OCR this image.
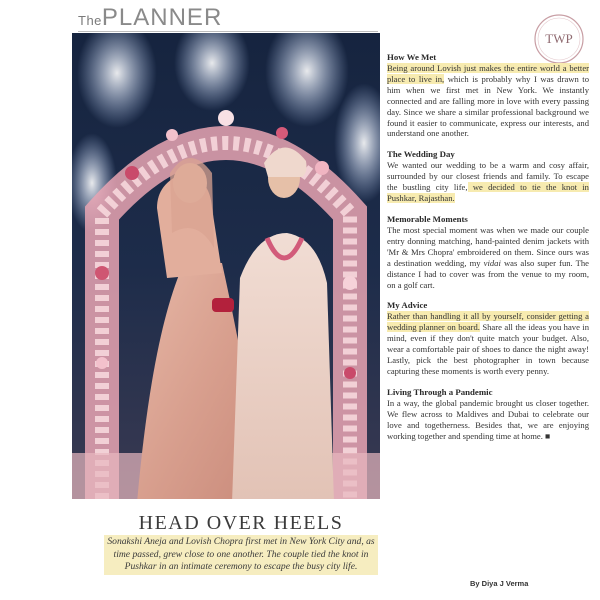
The PLANNER
TWP
HEAD OVER HEELS
Sonakshi Aneja and Lovish Chopra first met in New York City and, as time passed, grew close to one another. The couple tied the knot in Pushkar in an intimate ceremony to escape the busy city life.
How We Met

Being around Lovish just makes the entire world a better place to live in, which is probably why I was drawn to him when we first met in New York. We instantly connected and are falling more in love with every passing day. Since we share a similar professional background we found it easier to communicate, express our interests, and understand one another.

The Wedding Day

We wanted our wedding to be a warm and cosy affair, surrounded by our closest friends and family. To escape the bustling city life, we decided to tie the knot in Pushkar, Rajasthan.

Memorable Moments

The most special moment was when we made our couple entry donning matching, hand-painted denim jackets with 'Mr & Mrs Chopra' embroidered on them. Since ours was a destination wedding, my vidai was also super fun. The distance I had to cover was from the venue to my room, on a golf cart.

My Advice

Rather than handling it all by yourself, consider getting a wedding planner on board. Share all the ideas you have in mind, even if they don't quite match your budget. Also, wear a comfortable pair of shoes to dance the night away! Lastly, pick the best photographer in town because capturing these moments is worth every penny.

Living Through a Pandemic

In a way, the global pandemic brought us closer together. We flew across to Maldives and Dubai to celebrate our love and togetherness. Besides that, we are enjoying working together and spending time at home. ■

By Diya J Verma
